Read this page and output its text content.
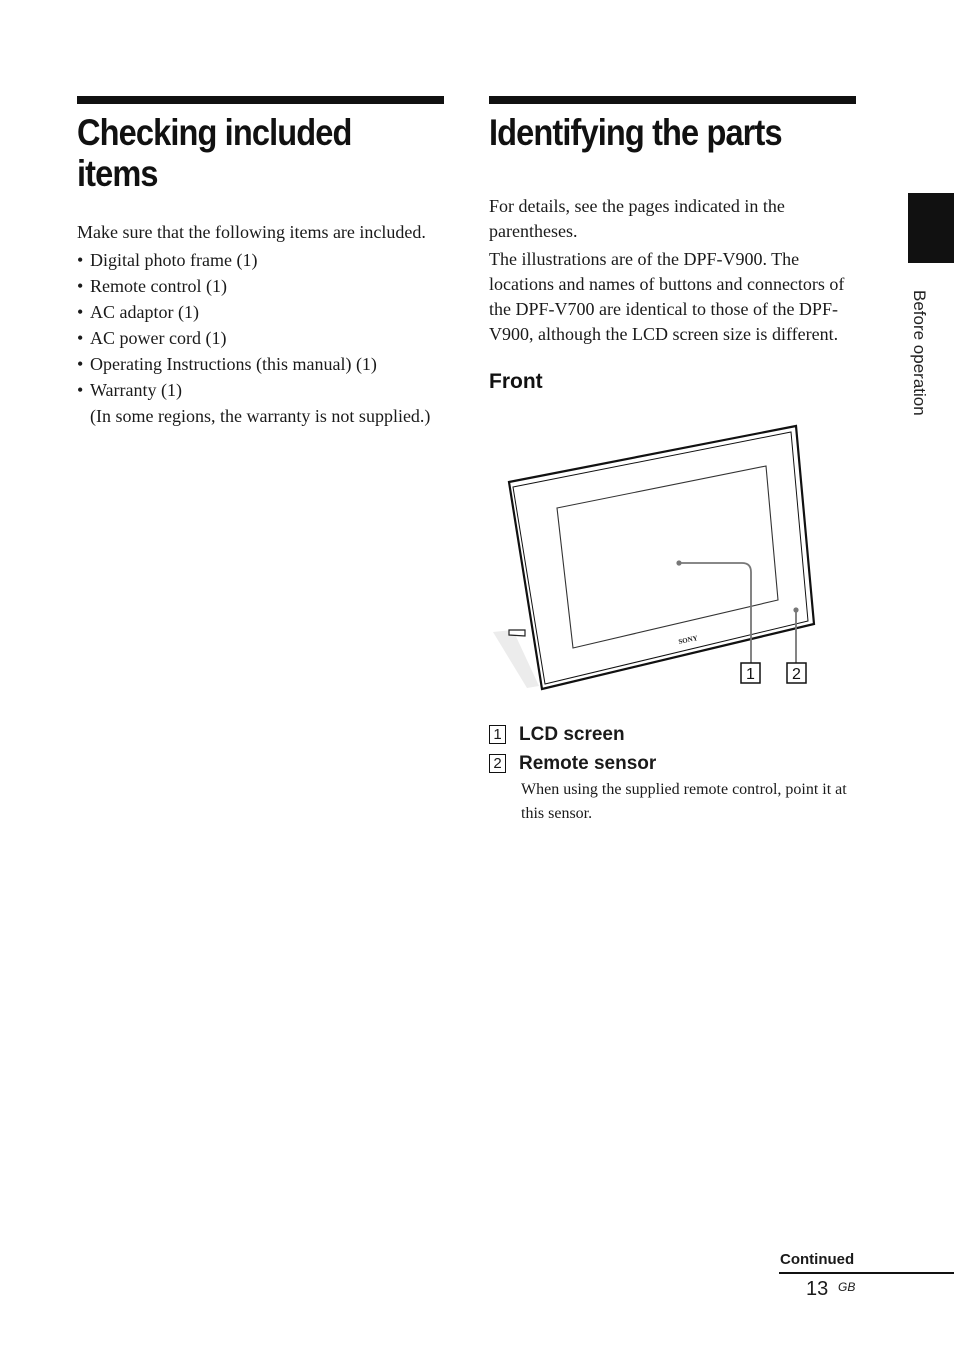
Before operation
Checking included items

Make sure that the following items are included.

• Digital photo frame (1)
• Remote control (1)
• AC adaptor (1)
• AC power cord (1)
• Operating Instructions (this manual) (1)
• Warranty (1)

(In some regions, the warranty is not supplied.)

Identifying the parts

For details, see the pages indicated in the parentheses.

The illustrations are of the DPF-V900. The locations and names of buttons and connectors of the DPF-V700 are identical to those of the DPF-V900, although the LCD screen size is different.

Front
SONY
1 2
1 LCD screen
2 Remote sensor
When using the supplied remote control, point it at this sensor.
Continued
13 GB
